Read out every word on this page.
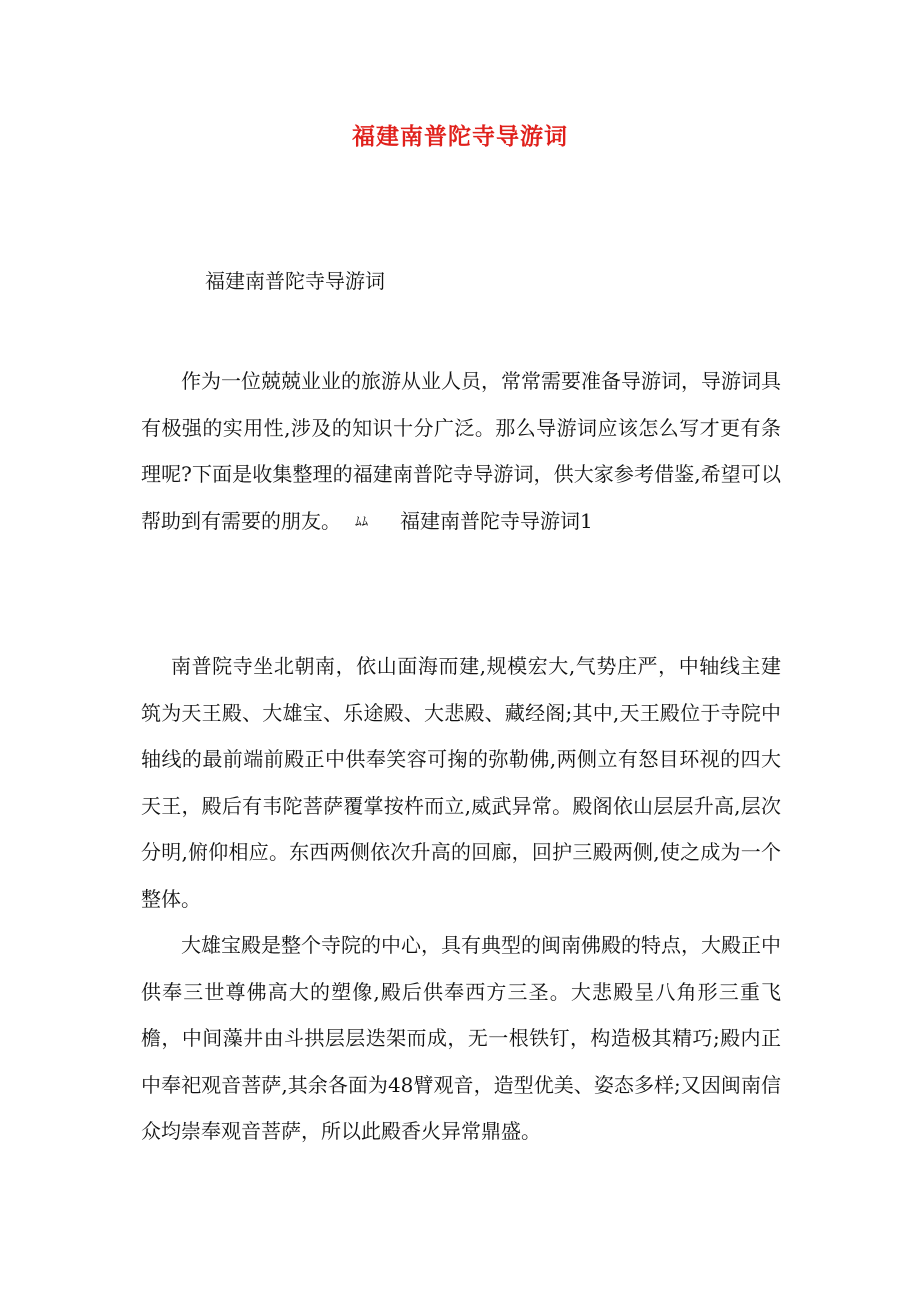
福建南普陀寺导游词
福建南普陀寺导游词
作为一位兢兢业业的旅游从业人员，常常需要准备导游词，导游词具有极强的实用性,涉及的知识十分广泛。那么导游词应该怎么写才更有条理呢?下面是收集整理的福建南普陀寺导游词，供大家参考借鉴,希望可以帮助到有需要的朋友。 ﾑﾑ 福建南普陀寺导游词1
南普院寺坐北朝南，依山面海而建,规模宏大,气势庄严，中轴线主建筑为天王殿、大雄宝、乐途殿、大悲殿、藏经阁;其中,天王殿位于寺院中轴线的最前端前殿正中供奉笑容可掬的弥勒佛,两侧立有怒目环视的四大天王，殿后有韦陀菩萨覆掌按杵而立,威武异常。殿阁依山层层升高,层次分明,俯仰相应。东西两侧依次升高的回廊，回护三殿两侧,使之成为一个整体。
大雄宝殿是整个寺院的中心，具有典型的闽南佛殿的特点，大殿正中供奉三世尊佛高大的塑像,殿后供奉西方三圣。大悲殿呈八角形三重飞檐，中间藻井由斗拱层层迭架而成，无一根铁钉，构造极其精巧;殿内正中奉祀观音菩萨,其余各面为48臂观音，造型优美、姿态多样;又因闽南信众均崇奉观音菩萨，所以此殿香火异常鼎盛。
